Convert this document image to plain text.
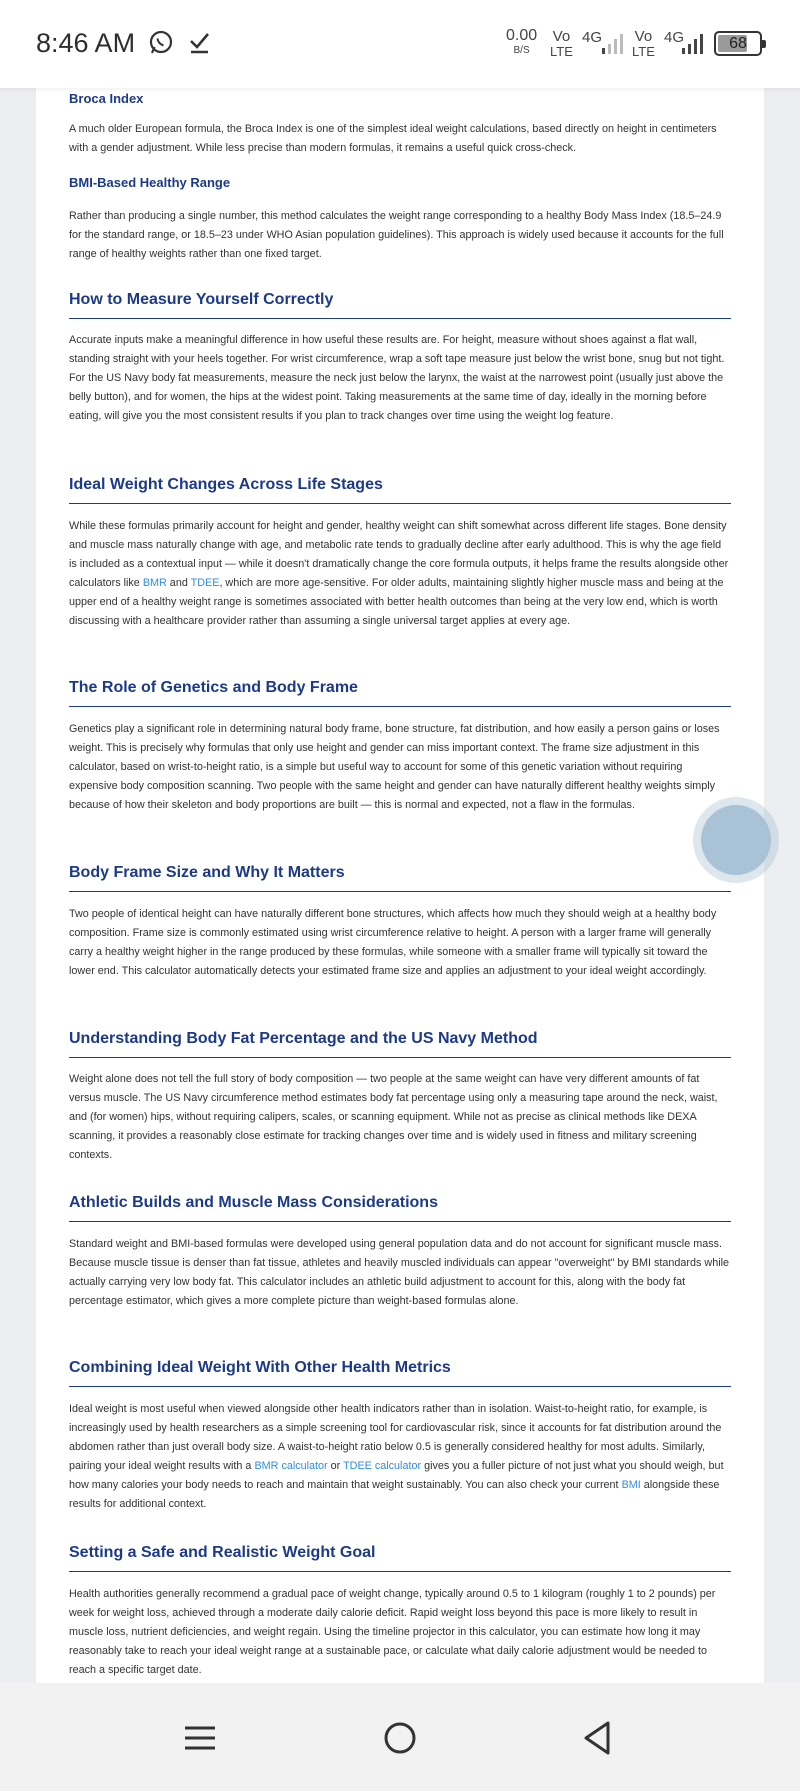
8:46 AM	0.00
B/S
Vo
LTE
4G Vo
LTE
4G	68
Broca Index

A much older European formula, the Broca Index is one of the simplest ideal weight calculations, based directly on height in centimeters with a gender adjustment. While less precise than modern formulas, it remains a useful quick cross-check.

BMI-Based Healthy Range

Rather than producing a single number, this method calculates the weight range corresponding to a healthy Body Mass Index (18.5–24.9 for the standard range, or 18.5–23 under WHO Asian population guidelines). This approach is widely used because it accounts for the full range of healthy weights rather than one fixed target.

How to Measure Yourself Correctly

Accurate inputs make a meaningful difference in how useful these results are. For height, measure without shoes against a flat wall, standing straight with your heels together. For wrist circumference, wrap a soft tape measure just below the wrist bone, snug but not tight. For the US Navy body fat measurements, measure the neck just below the larynx, the waist at the narrowest point (usually just above the belly button), and for women, the hips at the widest point. Taking measurements at the same time of day, ideally in the morning before eating, will give you the most consistent results if you plan to track changes over time using the weight log feature.

Ideal Weight Changes Across Life Stages

While these formulas primarily account for height and gender, healthy weight can shift somewhat across different life stages. Bone density and muscle mass naturally change with age, and metabolic rate tends to gradually decline after early adulthood. This is why the age field is included as a contextual input — while it doesn't dramatically change the core formula outputs, it helps frame the results alongside other calculators like BMR and TDEE, which are more age-sensitive. For older adults, maintaining slightly higher muscle mass and being at the upper end of a healthy weight range is sometimes associated with better health outcomes than being at the very low end, which is worth discussing with a healthcare provider rather than assuming a single universal target applies at every age.

The Role of Genetics and Body Frame

Genetics play a significant role in determining natural body frame, bone structure, fat distribution, and how easily a person gains or loses weight. This is precisely why formulas that only use height and gender can miss important context. The frame size adjustment in this calculator, based on wrist-to-height ratio, is a simple but useful way to account for some of this genetic variation without requiring expensive body composition scanning. Two people with the same height and gender can have naturally different healthy weights simply because of how their skeleton and body proportions are built — this is normal and expected, not a flaw in the formulas.

Body Frame Size and Why It Matters

Two people of identical height can have naturally different bone structures, which affects how much they should weigh at a healthy body composition. Frame size is commonly estimated using wrist circumference relative to height. A person with a larger frame will generally carry a healthy weight higher in the range produced by these formulas, while someone with a smaller frame will typically sit toward the lower end. This calculator automatically detects your estimated frame size and applies an adjustment to your ideal weight accordingly.

Understanding Body Fat Percentage and the US Navy Method

Weight alone does not tell the full story of body composition — two people at the same weight can have very different amounts of fat versus muscle. The US Navy circumference method estimates body fat percentage using only a measuring tape around the neck, waist, and (for women) hips, without requiring calipers, scales, or scanning equipment. While not as precise as clinical methods like DEXA scanning, it provides a reasonably close estimate for tracking changes over time and is widely used in fitness and military screening contexts.

Athletic Builds and Muscle Mass Considerations

Standard weight and BMI-based formulas were developed using general population data and do not account for significant muscle mass. Because muscle tissue is denser than fat tissue, athletes and heavily muscled individuals can appear "overweight" by BMI standards while actually carrying very low body fat. This calculator includes an athletic build adjustment to account for this, along with the body fat percentage estimator, which gives a more complete picture than weight-based formulas alone.

Combining Ideal Weight With Other Health Metrics

Ideal weight is most useful when viewed alongside other health indicators rather than in isolation. Waist-to-height ratio, for example, is increasingly used by health researchers as a simple screening tool for cardiovascular risk, since it accounts for fat distribution around the abdomen rather than just overall body size. A waist-to-height ratio below 0.5 is generally considered healthy for most adults. Similarly, pairing your ideal weight results with a BMR calculator or TDEE calculator gives you a fuller picture of not just what you should weigh, but how many calories your body needs to reach and maintain that weight sustainably. You can also check your current BMI alongside these results for additional context.

Setting a Safe and Realistic Weight Goal

Health authorities generally recommend a gradual pace of weight change, typically around 0.5 to 1 kilogram (roughly 1 to 2 pounds) per week for weight loss, achieved through a moderate daily calorie deficit. Rapid weight loss beyond this pace is more likely to result in muscle loss, nutrient deficiencies, and weight regain. Using the timeline projector in this calculator, you can estimate how long it may reasonably take to reach your ideal weight range at a sustainable pace, or calculate what daily calorie adjustment would be needed to reach a specific target date.
